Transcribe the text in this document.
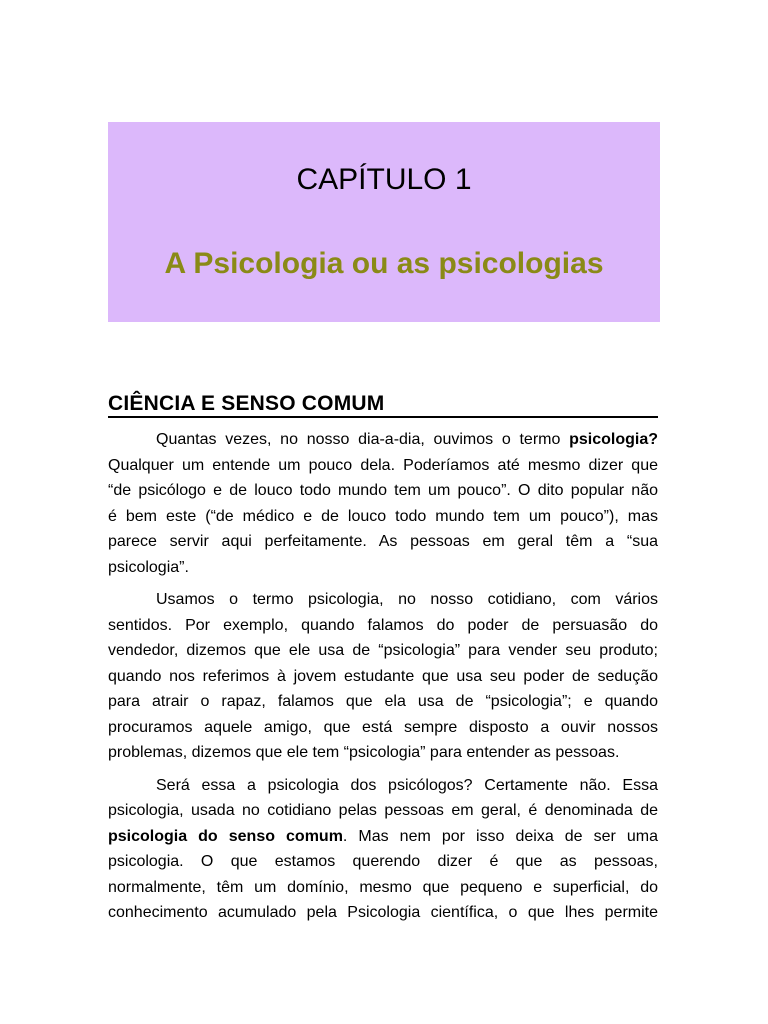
CAPÍTULO 1
A Psicologia ou as psicologias
CIÊNCIA E SENSO COMUM
Quantas vezes, no nosso dia-a-dia, ouvimos o termo psicologia?
Qualquer um entende um pouco dela. Poderíamos até mesmo dizer que
“de psicólogo e de louco todo mundo tem um pouco”. O dito popular não
é bem este (“de médico e de louco todo mundo tem um pouco”), mas
parece servir aqui perfeitamente. As pessoas em geral têm a “sua
psicologia”.
Usamos o termo psicologia, no nosso cotidiano, com vários
sentidos. Por exemplo, quando falamos do poder de persuasão do
vendedor, dizemos que ele usa de “psicologia” para vender seu produto;
quando nos referimos à jovem estudante que usa seu poder de sedução
para atrair o rapaz, falamos que ela usa de “psicologia”; e quando
procuramos aquele amigo, que está sempre disposto a ouvir nossos
problemas, dizemos que ele tem “psicologia” para entender as pessoas.
Será essa a psicologia dos psicólogos? Certamente não. Essa
psicologia, usada no cotidiano pelas pessoas em geral, é denominada de
psicologia do senso comum. Mas nem por isso deixa de ser uma
psicologia. O que estamos querendo dizer é que as pessoas,
normalmente, têm um domínio, mesmo que pequeno e superficial, do
conhecimento acumulado pela Psicologia científica, o que lhes permite
